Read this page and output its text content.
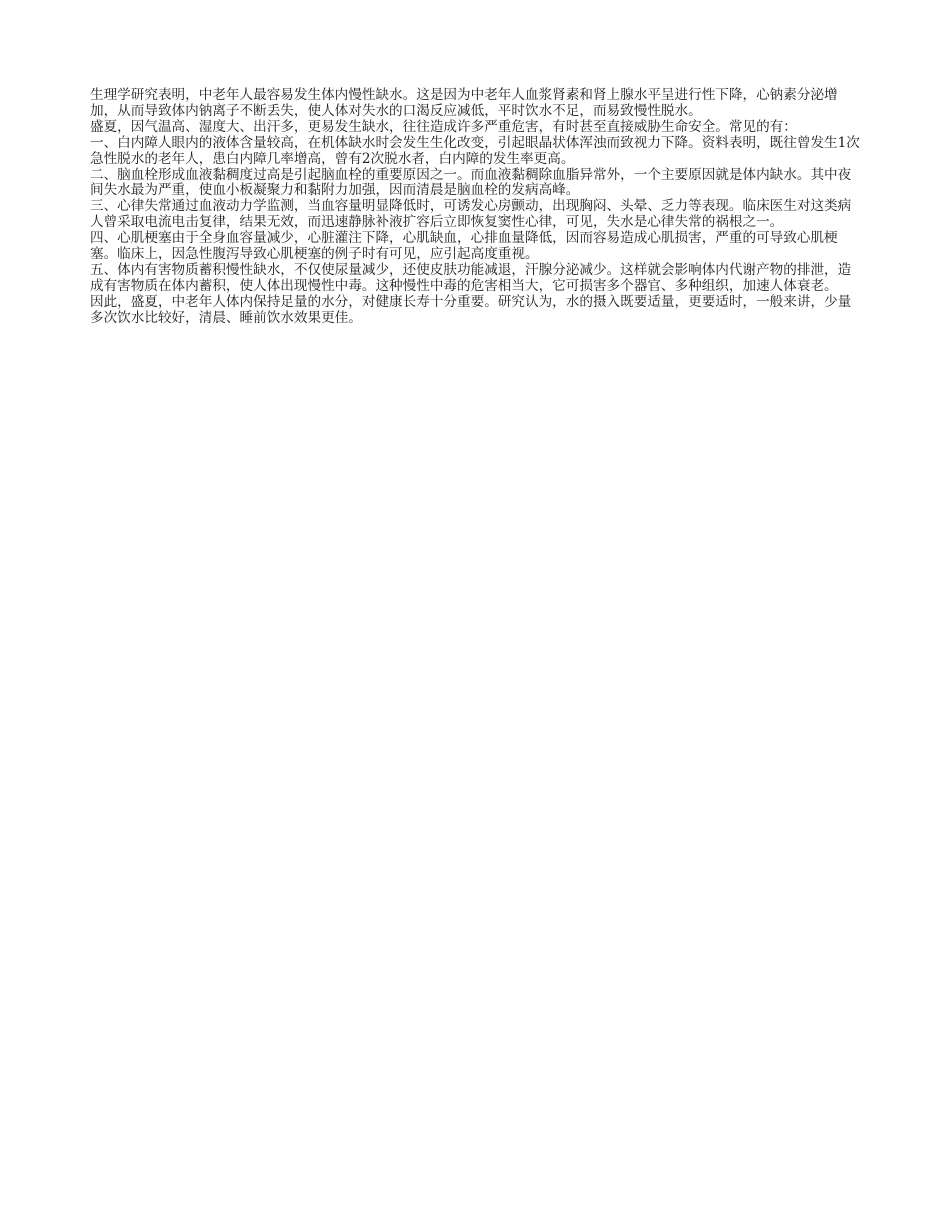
生理学研究表明，中老年人最容易发生体内慢性缺水。这是因为中老年人血浆肾素和肾上腺水平呈进行性下降，心钠素分泌增加，从而导致体内钠离子不断丢失，使人体对失水的口渴反应减低，平时饮水不足，而易致慢性脱水。

盛夏，因气温高、湿度大、出汗多，更易发生缺水，往往造成许多严重危害，有时甚至直接威胁生命安全。常见的有：

一、白内障人眼内的液体含量较高，在机体缺水时会发生生化改变，引起眼晶状体浑浊而致视力下降。资料表明，既往曾发生1次急性脱水的老年人，患白内障几率增高，曾有2次脱水者，白内障的发生率更高。

二、脑血栓形成血液黏稠度过高是引起脑血栓的重要原因之一。而血液黏稠除血脂异常外，一个主要原因就是体内缺水。其中夜间失水最为严重，使血小板凝聚力和黏附力加强，因而清晨是脑血栓的发病高峰。

三、心律失常通过血液动力学监测，当血容量明显降低时，可诱发心房颤动，出现胸闷、头晕、乏力等表现。临床医生对这类病人曾采取电流电击复律，结果无效，而迅速静脉补液扩容后立即恢复窦性心律，可见，失水是心律失常的祸根之一。

四、心肌梗塞由于全身血容量减少，心脏灌注下降，心肌缺血，心排血量降低，因而容易造成心肌损害，严重的可导致心肌梗塞。临床上，因急性腹泻导致心肌梗塞的例子时有可见，应引起高度重视。

五、体内有害物质蓄积慢性缺水，不仅使尿量减少，还使皮肤功能减退，汗腺分泌减少。这样就会影响体内代谢产物的排泄，造成有害物质在体内蓄积，使人体出现慢性中毒。这种慢性中毒的危害相当大，它可损害多个器官、多种组织，加速人体衰老。

因此，盛夏，中老年人体内保持足量的水分，对健康长寿十分重要。研究认为，水的摄入既要适量，更要适时，一般来讲，少量多次饮水比较好，清晨、睡前饮水效果更佳。
